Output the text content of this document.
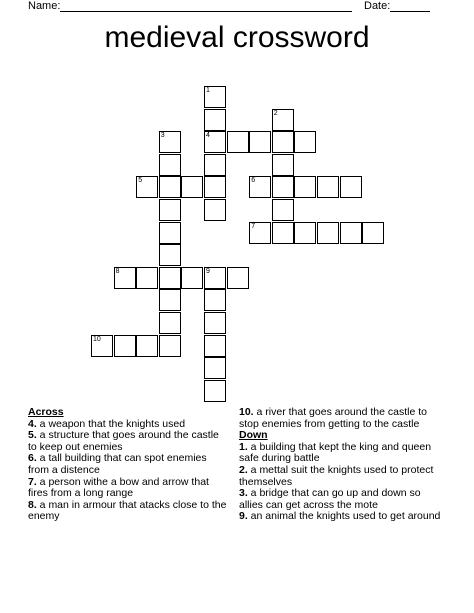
Name:	Date:
medieval crossword
1
2
3	4
5	6
7
8	9
10
Across
4. a weapon that the knights used
5. a structure that goes around the castle to keep out enemies
6. a tall building that can spot enemies from a distence
7. a person withe a bow and arrow that fires from a long range
8. a man in armour that atacks close to the enemy
10. a river that goes around the castle to stop enemies from getting to the castle
Down
1. a building that kept the king and queen safe during battle
2. a mettal suit the knights used to protect themselves
3. a bridge that can go up and down so allies can get across the mote
9. an animal the knights used to get around
